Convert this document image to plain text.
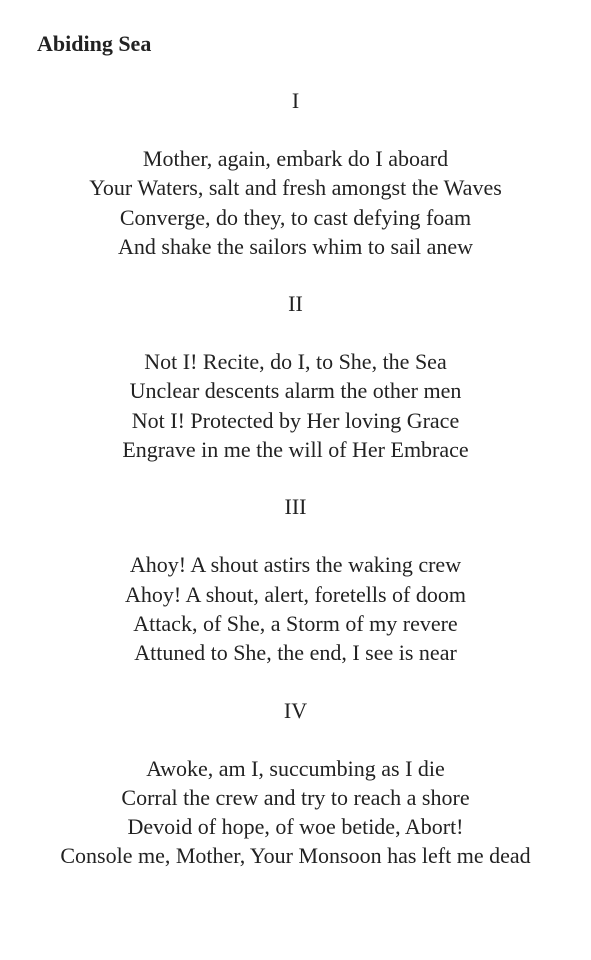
Abiding Sea
I
Mother, again, embark do I aboard
Your Waters, salt and fresh amongst the Waves
Converge, do they, to cast defying foam
And shake the sailors whim to sail anew
II
Not I! Recite, do I, to She, the Sea
Unclear descents alarm the other men
Not I! Protected by Her loving Grace
Engrave in me the will of Her Embrace
III
Ahoy! A shout astirs the waking crew
Ahoy! A shout, alert, foretells of doom
Attack, of She, a Storm of my revere
Attuned to She, the end, I see is near
IV
Awoke, am I, succumbing as I die
Corral the crew and try to reach a shore
Devoid of hope, of woe betide, Abort!
Console me, Mother, Your Monsoon has left me dead
